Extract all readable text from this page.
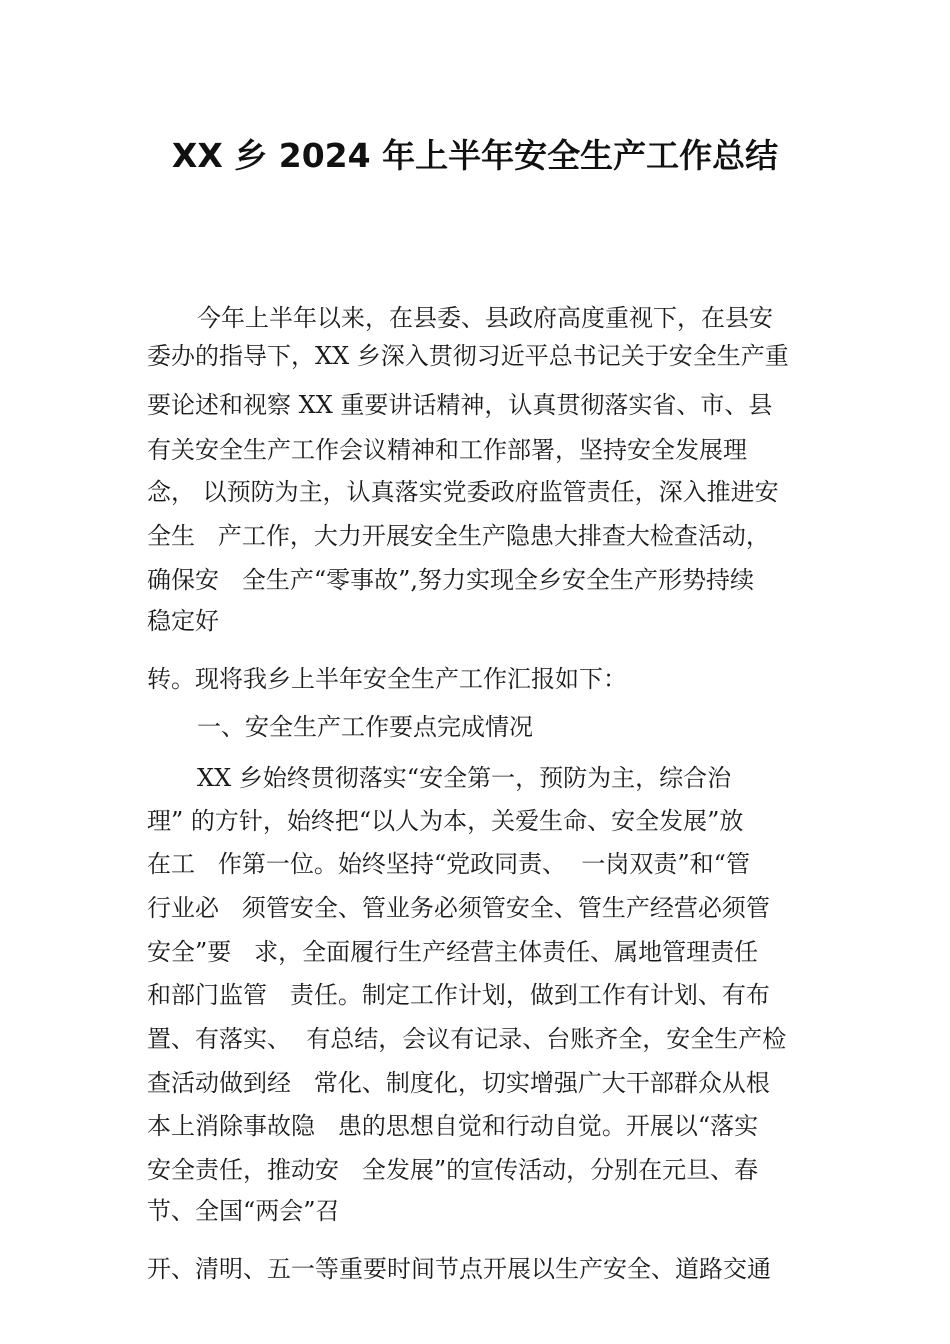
XX 乡 2024 年上半年安全生产工作总结
今年上半年以来，在县委、县政府高度重视下，在县安
委办的指导下，XX 乡深入贯彻习近平总书记关于安全生产重
要论述和视察 XX 重要讲话精神，认真贯彻落实省、市、县
有关安全生产工作会议精神和工作部署，坚持安全发展理
念， 以预防为主，认真落实党委政府监管责任，深入推进安
全生   产工作，大力开展安全生产隐患大排查大检查活动，
确保安   全生产“零事故”,努力实现全乡安全生产形势持续
稳定好
转。现将我乡上半年安全生产工作汇报如下：
一、安全生产工作要点完成情况
XX 乡始终贯彻落实“安全第一，预防为主，综合治
理” 的方针，始终把“以人为本，关爱生命、安全发展”放
在工   作第一位。始终坚持“党政同责、  一岗双责”和“管
行业必   须管安全、管业务必须管安全、管生产经营必须管
安全”要   求，全面履行生产经营主体责任、属地管理责任
和部门监管   责任。制定工作计划，做到工作有计划、有布
置、有落实、  有总结，会议有记录、台账齐全，安全生产检
查活动做到经   常化、制度化，切实增强广大干部群众从根
本上消除事故隐   患的思想自觉和行动自觉。开展以“落实
安全责任，推动安   全发展”的宣传活动，分别在元旦、春
节、全国“两会”召
开、清明、五一等重要时间节点开展以生产安全、道路交通
